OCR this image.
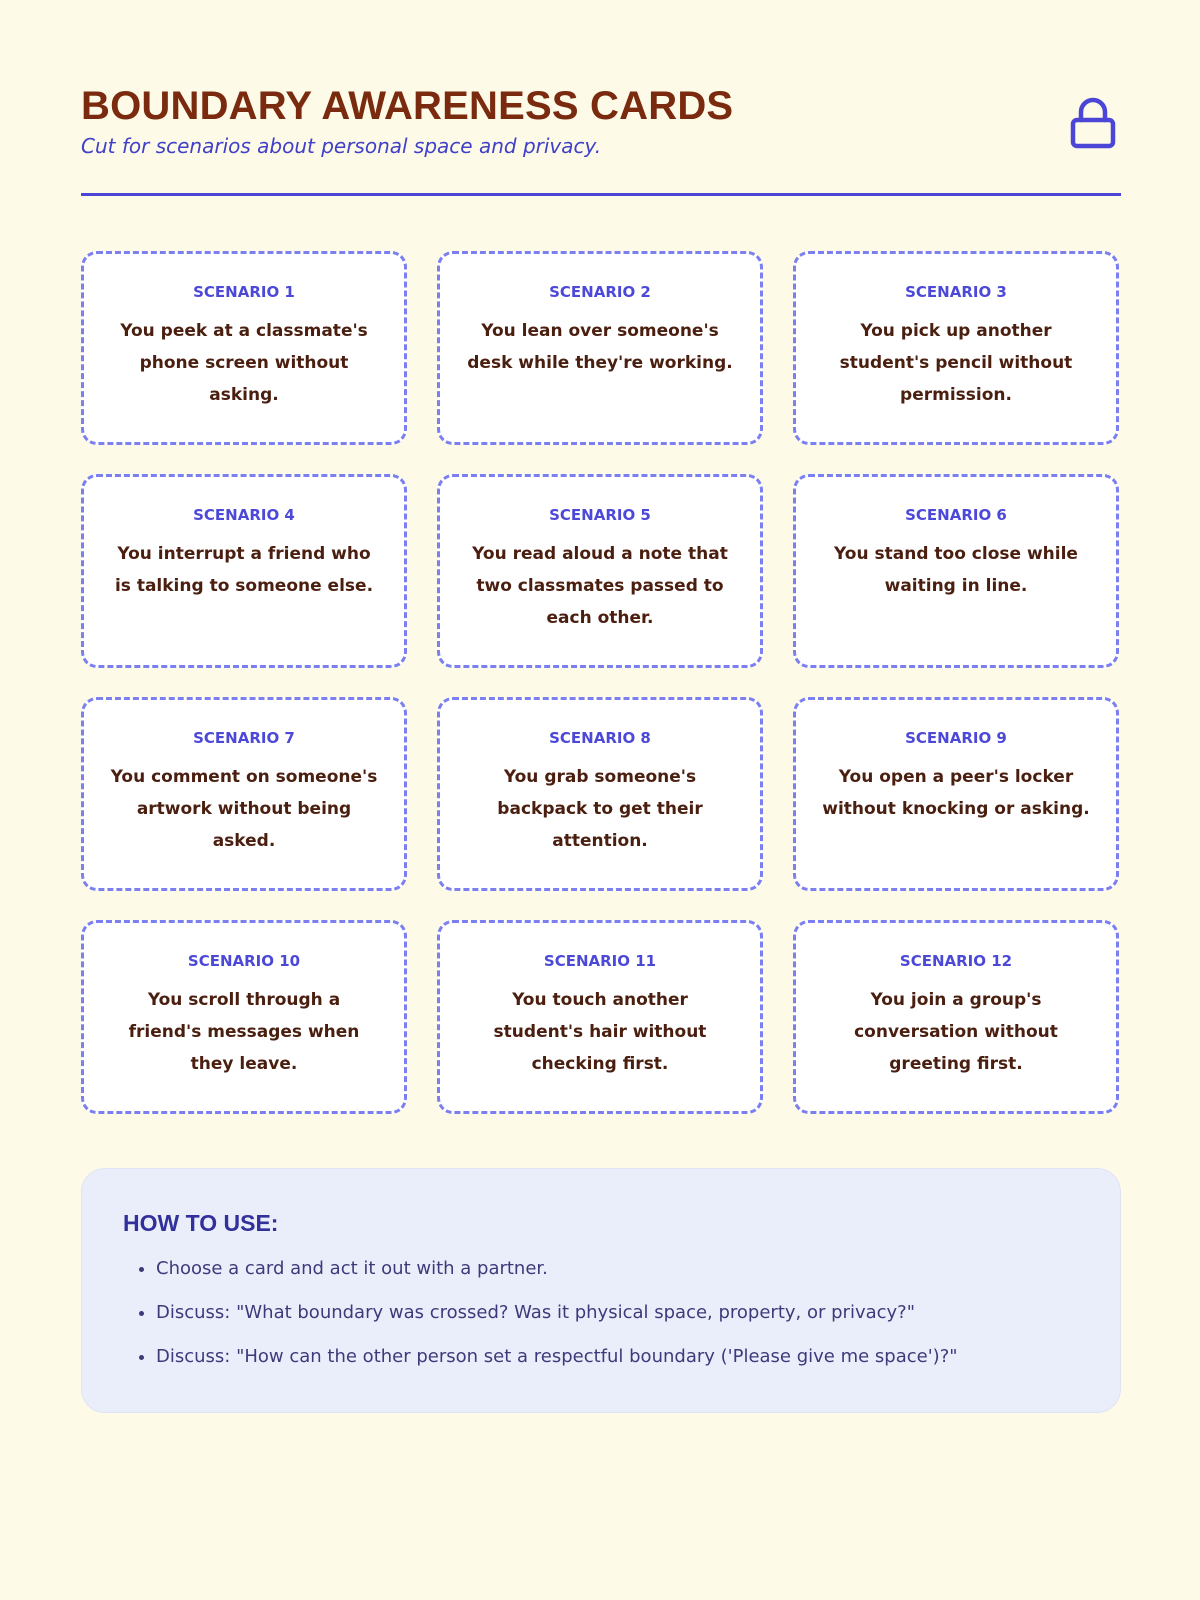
BOUNDARY AWARENESS CARDS
Cut for scenarios about personal space and privacy.
SCENARIO 1
You peek at a classmate's phone screen without asking.
SCENARIO 2
You lean over someone's desk while they're working.
SCENARIO 3
You pick up another student's pencil without permission.
SCENARIO 4
You interrupt a friend who is talking to someone else.
SCENARIO 5
You read aloud a note that two classmates passed to each other.
SCENARIO 6
You stand too close while waiting in line.
SCENARIO 7
You comment on someone's artwork without being asked.
SCENARIO 8
You grab someone's backpack to get their attention.
SCENARIO 9
You open a peer's locker without knocking or asking.
SCENARIO 10
You scroll through a friend's messages when they leave.
SCENARIO 11
You touch another student's hair without checking first.
SCENARIO 12
You join a group's conversation without greeting first.
HOW TO USE:
• Choose a card and act it out with a partner.
• Discuss: "What boundary was crossed? Was it physical space, property, or privacy?"
• Discuss: "How can the other person set a respectful boundary ('Please give me space')?"
